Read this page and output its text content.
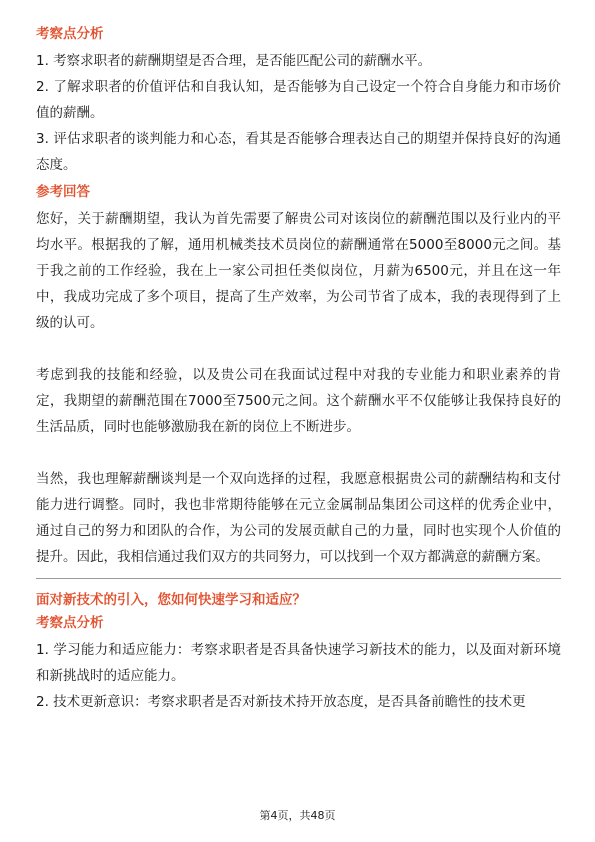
考察点分析

1. 考察求职者的薪酬期望是否合理，是否能匹配公司的薪酬水平。

2. 了解求职者的价值评估和自我认知，是否能够为自己设定一个符合自身能力和市场价值的薪酬。

3. 评估求职者的谈判能力和心态，看其是否能够合理表达自己的期望并保持良好的沟通态度。

参考回答

您好，关于薪酬期望，我认为首先需要了解贵公司对该岗位的薪酬范围以及行业内的平均水平。根据我的了解，通用机械类技术员岗位的薪酬通常在5000至8000元之间。基于我之前的工作经验，我在上一家公司担任类似岗位，月薪为6500元，并且在这一年中，我成功完成了多个项目，提高了生产效率，为公司节省了成本，我的表现得到了上级的认可。

考虑到我的技能和经验，以及贵公司在我面试过程中对我的专业能力和职业素养的肯定，我期望的薪酬范围在7000至7500元之间。这个薪酬水平不仅能够让我保持良好的生活品质，同时也能够激励我在新的岗位上不断进步。

当然，我也理解薪酬谈判是一个双向选择的过程，我愿意根据贵公司的薪酬结构和支付能力进行调整。同时，我也非常期待能够在元立金属制品集团公司这样的优秀企业中，通过自己的努力和团队的合作，为公司的发展贡献自己的力量，同时也实现个人价值的提升。因此，我相信通过我们双方的共同努力，可以找到一个双方都满意的薪酬方案。

面对新技术的引入，您如何快速学习和适应？
考察点分析

1. 学习能力和适应能力：考察求职者是否具备快速学习新技术的能力，以及面对新环境和新挑战时的适应能力。

2. 技术更新意识：考察求职者是否对新技术持开放态度，是否具备前瞻性的技术更

第4页，共48页
